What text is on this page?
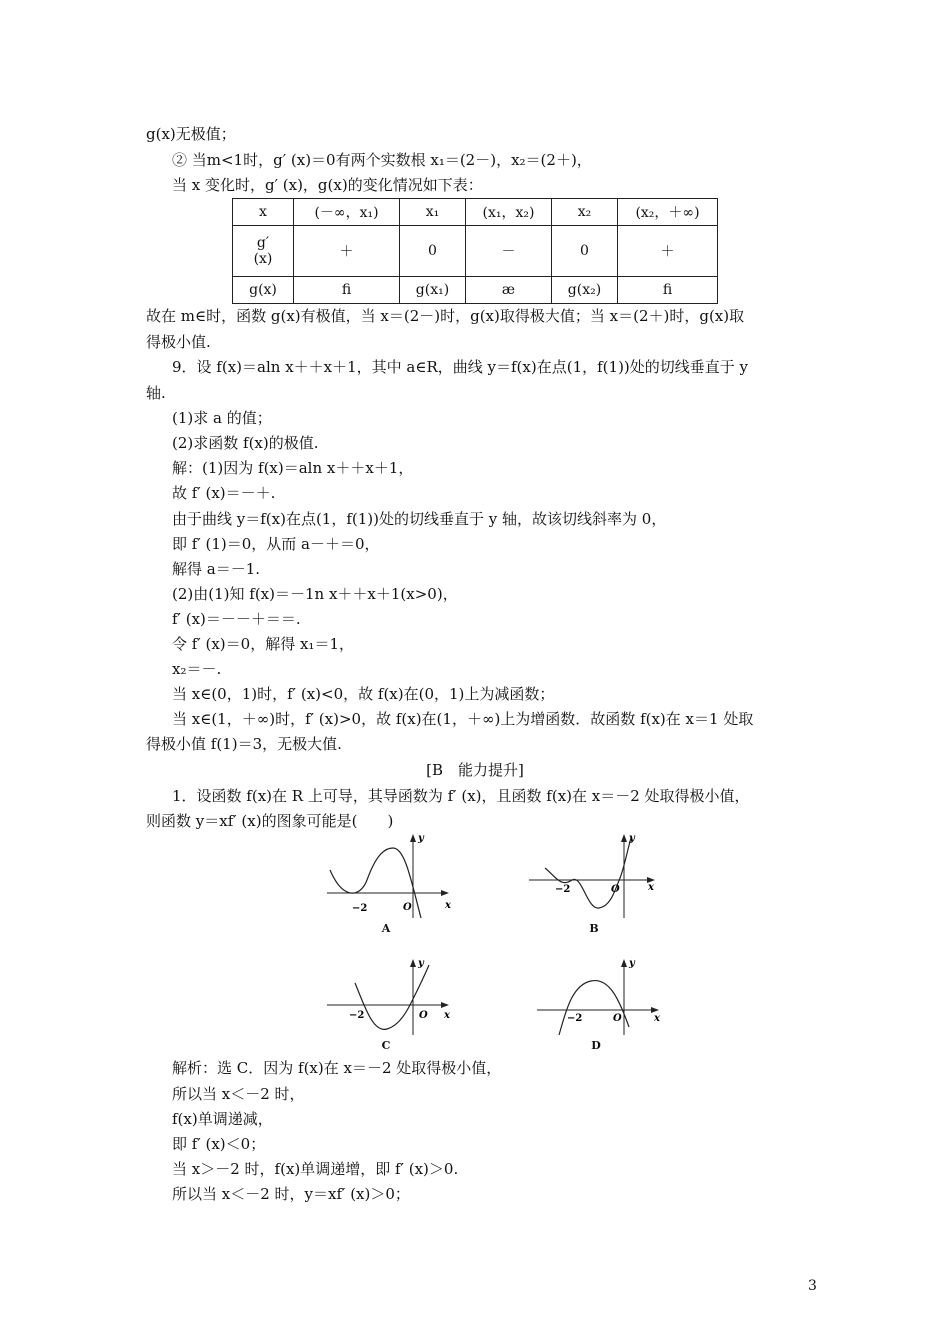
g(x)无极值；
② 当m<1时，g′ (x)＝0有两个实数根 x₁＝(2－)，x₂＝(2＋)，
当 x 变化时，g′ (x)，g(x)的变化情况如下表：
x	(－∞，x₁)	x₁	(x₁，x₂)	x₂	(x₂，＋∞)

g′
(x)	＋	0	－	0	＋
g(x)	ﬁ	g(x₁)	æ	g(x₂)	ﬁ
故在 m∈时，函数 g(x)有极值，当 x＝(2－)时，g(x)取得极大值；当 x＝(2＋)时，g(x)取
得极小值.
9．设 f(x)＝aln x＋＋x＋1，其中 a∈R，曲线 y＝f(x)在点(1，f(1))处的切线垂直于 y
轴.
(1)求 a 的值；
(2)求函数 f(x)的极值.
解：(1)因为 f(x)＝aln x＋＋x＋1，
故 f′ (x)＝－＋.
由于曲线 y＝f(x)在点(1，f(1))处的切线垂直于 y 轴，故该切线斜率为 0，
即 f′ (1)＝0，从而 a－＋＝0，
解得 a＝－1.
(2)由(1)知 f(x)＝－1n x＋＋x＋1(x>0)，
f′ (x)＝－－＋＝＝.
令 f′ (x)＝0，解得 x₁＝1，
x₂＝－.
当 x∈(0，1)时，f′ (x)<0，故 f(x)在(0，1)上为减函数；
当 x∈(1，＋∞)时，f′ (x)>0，故 f(x)在(1，＋∞)上为增函数．故函数 f(x)在 x＝1 处取
得极小值 f(1)＝3，无极大值.
[B　能力提升]
1．设函数 f(x)在 R 上可导，其导函数为 f′ (x)，且函数 f(x)在 x＝－2 处取得极小值，
则函数 y＝xf′ (x)的图象可能是(　　)
y
x
O
−2
A
y
x
O
−2
B
y
x
O
−2
C
y
x
O
−2
D
解析：选 C．因为 f(x)在 x＝－2 处取得极小值，
所以当 x＜－2 时，
f(x)单调递减，
即 f′ (x)＜0；
当 x＞－2 时，f(x)单调递增，即 f′ (x)＞0.
所以当 x＜－2 时，y＝xf′ (x)＞0；
3
